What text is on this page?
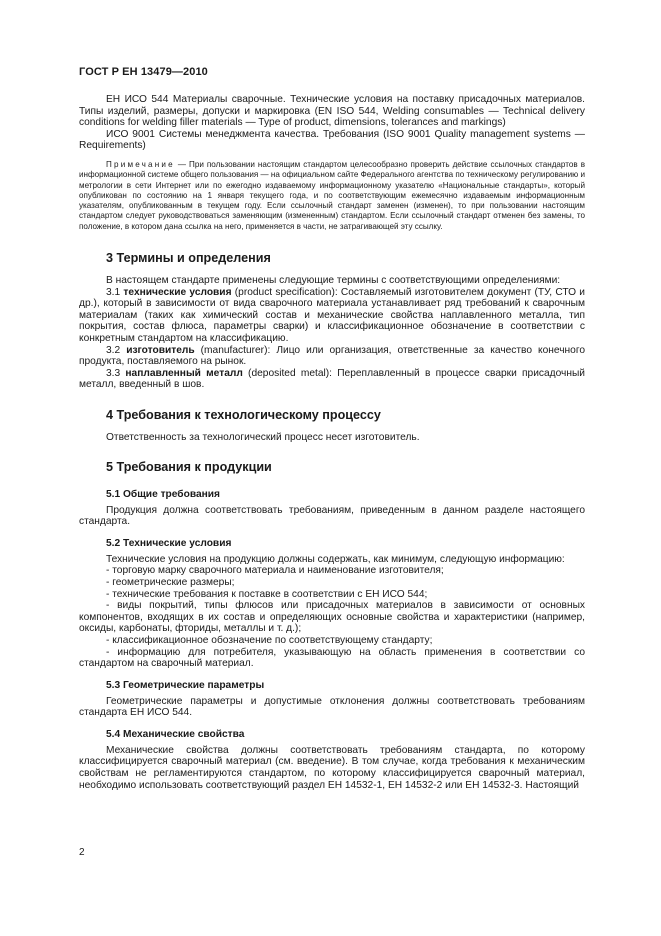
ГОСТ Р ЕН 13479—2010

ЕН ИСО 544 Материалы сварочные. Технические условия на поставку присадочных материалов. Типы изделий, размеры, допуски и маркировка (EN ISO 544, Welding consumables — Technical delivery conditions for welding filler materials — Type of product, dimensions, tolerances and markings)

ИСО 9001 Системы менеджмента качества. Требования (ISO 9001 Quality management systems — Requirements)

Примечание — При пользовании настоящим стандартом целесообразно проверить действие ссылочных стандартов в информационной системе общего пользования — на официальном сайте Федерального агентства по техническому регулированию и метрологии в сети Интернет или по ежегодно издаваемому информационному указателю «Национальные стандарты», который опубликован по состоянию на 1 января текущего года, и по соответствующим ежемесячно издаваемым информационным указателям, опубликованным в текущем году. Если ссылочный стандарт заменен (изменен), то при пользовании настоящим стандартом следует руководствоваться заменяющим (измененным) стандартом. Если ссылочный стандарт отменен без замены, то положение, в котором дана ссылка на него, применяется в части, не затрагивающей эту ссылку.

3 Термины и определения

В настоящем стандарте применены следующие термины с соответствующими определениями:

3.1 технические условия (product specification): Составляемый изготовителем документ (ТУ, СТО и др.), который в зависимости от вида сварочного материала устанавливает ряд требований к сварочным материалам (таких как химический состав и механические свойства наплавленного металла, тип покрытия, состав флюса, параметры сварки) и классификационное обозначение в соответствии с конкретным стандартом на классификацию.

3.2 изготовитель (manufacturer): Лицо или организация, ответственные за качество конечного продукта, поставляемого на рынок.

3.3 наплавленный металл (deposited metal): Переплавленный в процессе сварки присадочный металл, введенный в шов.

4 Требования к технологическому процессу

Ответственность за технологический процесс несет изготовитель.

5 Требования к продукции
5.1 Общие требования

Продукция должна соответствовать требованиям, приведенным в данном разделе настоящего стандарта.

5.2 Технические условия

Технические условия на продукцию должны содержать, как минимум, следующую информацию:

- торговую марку сварочного материала и наименование изготовителя;

- геометрические размеры;

- технические требования к поставке в соответствии с ЕН ИСО 544;

- виды покрытий, типы флюсов или присадочных материалов в зависимости от основных компонентов, входящих в их состав и определяющих основные свойства и характеристики (например, оксиды, карбонаты, фториды, металлы и т. д.);

- классификационное обозначение по соответствующему стандарту;

- информацию для потребителя, указывающую на область применения в соответствии со стандартом на сварочный материал.

5.3 Геометрические параметры

Геометрические параметры и допустимые отклонения должны соответствовать требованиям стандарта ЕН ИСО 544.

5.4 Механические свойства

Механические свойства должны соответствовать требованиям стандарта, по которому классифицируется сварочный материал (см. введение). В том случае, когда требования к механическим свойствам не регламентируются стандартом, по которому классифицируется сварочный материал, необходимо использовать соответствующий раздел ЕН 14532-1, ЕН 14532-2 или ЕН 14532-3. Настоящий

2
